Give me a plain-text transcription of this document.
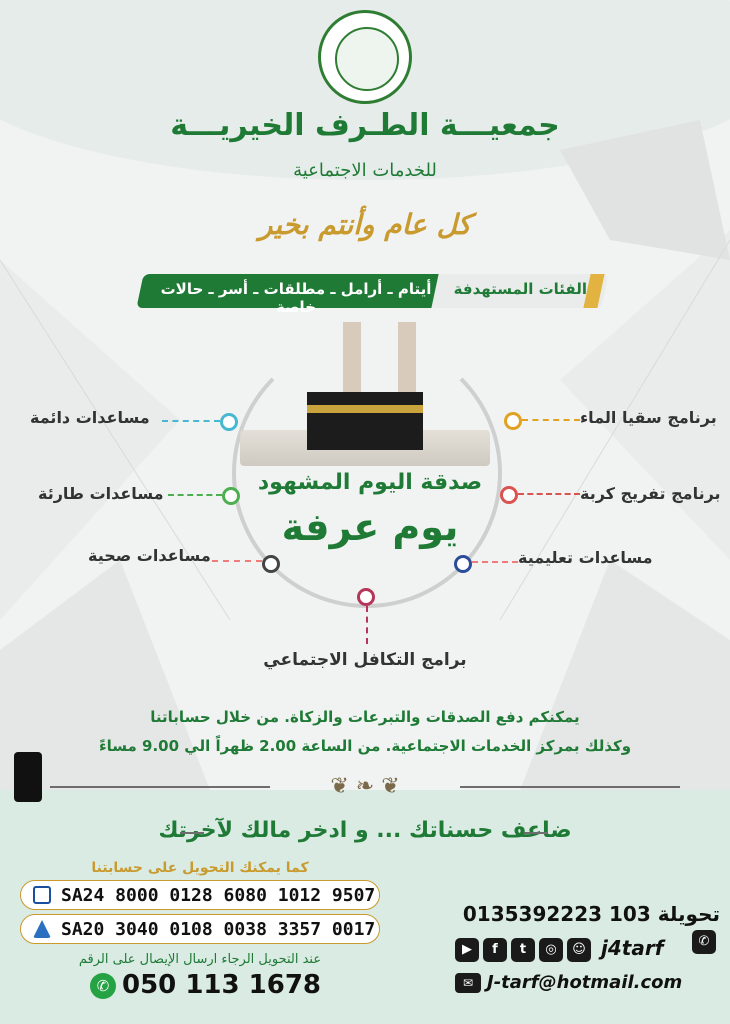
جمعيـــة الطـرف الخيريـــة
للخدمات الاجتماعية
كل عام وأنتم بخير
الفئات المستهدفة
أيتام ـ أرامل ـ مطلقات ـ أسر ـ حالات خاصة
صدقة اليوم المشهود
يوم عرفة
مساعدات دائمة
مساعدات طارئة
مساعدات صحية
برنامج سقيا الماء
برنامج تفريج كربة
مساعدات تعليمية
برامج التكافل الاجتماعي
يمكنكم دفع الصدقات والتبرعات والزكاة. من خلال حساباتنا
وكذلك بمركز الخدمات الاجتماعية. من الساعة 2.00 ظهراً الي 9.00 مساءً
❦ ❧ ❦
ضاعف حسناتك ... و ادخر مالك لآخرتك
كما يمكنك التحويل على حسابتنا
SA24 8000 0128 6080 1012 9507
SA20 3040 0108 0038 3357 0017
عند التحويل الرجاء ارسال الإيصال على الرقم
✆ 050 113 1678
0135392223 تحويلة 103 ✆
▶ f t ◎ ☺ j4tarf
✉ J-tarf@hotmail.com
